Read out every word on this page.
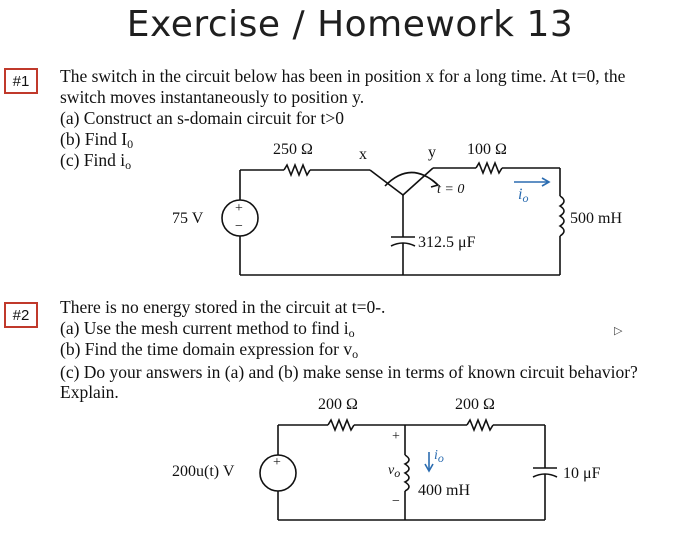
Exercise / Homework 13
#1	The switch in the circuit below has been in position x for a long time. At t=0, the
switch moves instantaneously to position y.
(a) Construct an s-domain circuit for t>0
(b) Find $I_0$
(c) Find $i_o$
75 V
+
−
250 Ω	x	y 100 Ω
t = 0	$i_o$
312.5 μF
500 mH
#2	There is no energy stored in the circuit at t=0-.
(a) Use the mesh current method to find $i_o$
(b) Find the time domain expression for $v_o$
(c) Do your answers in (a) and (b) make sense in terms of known circuit behavior?
Explain.
▷
200u(t) V
+
200 Ω	200 Ω
+
vo
−
io
400 mH
10 μF
